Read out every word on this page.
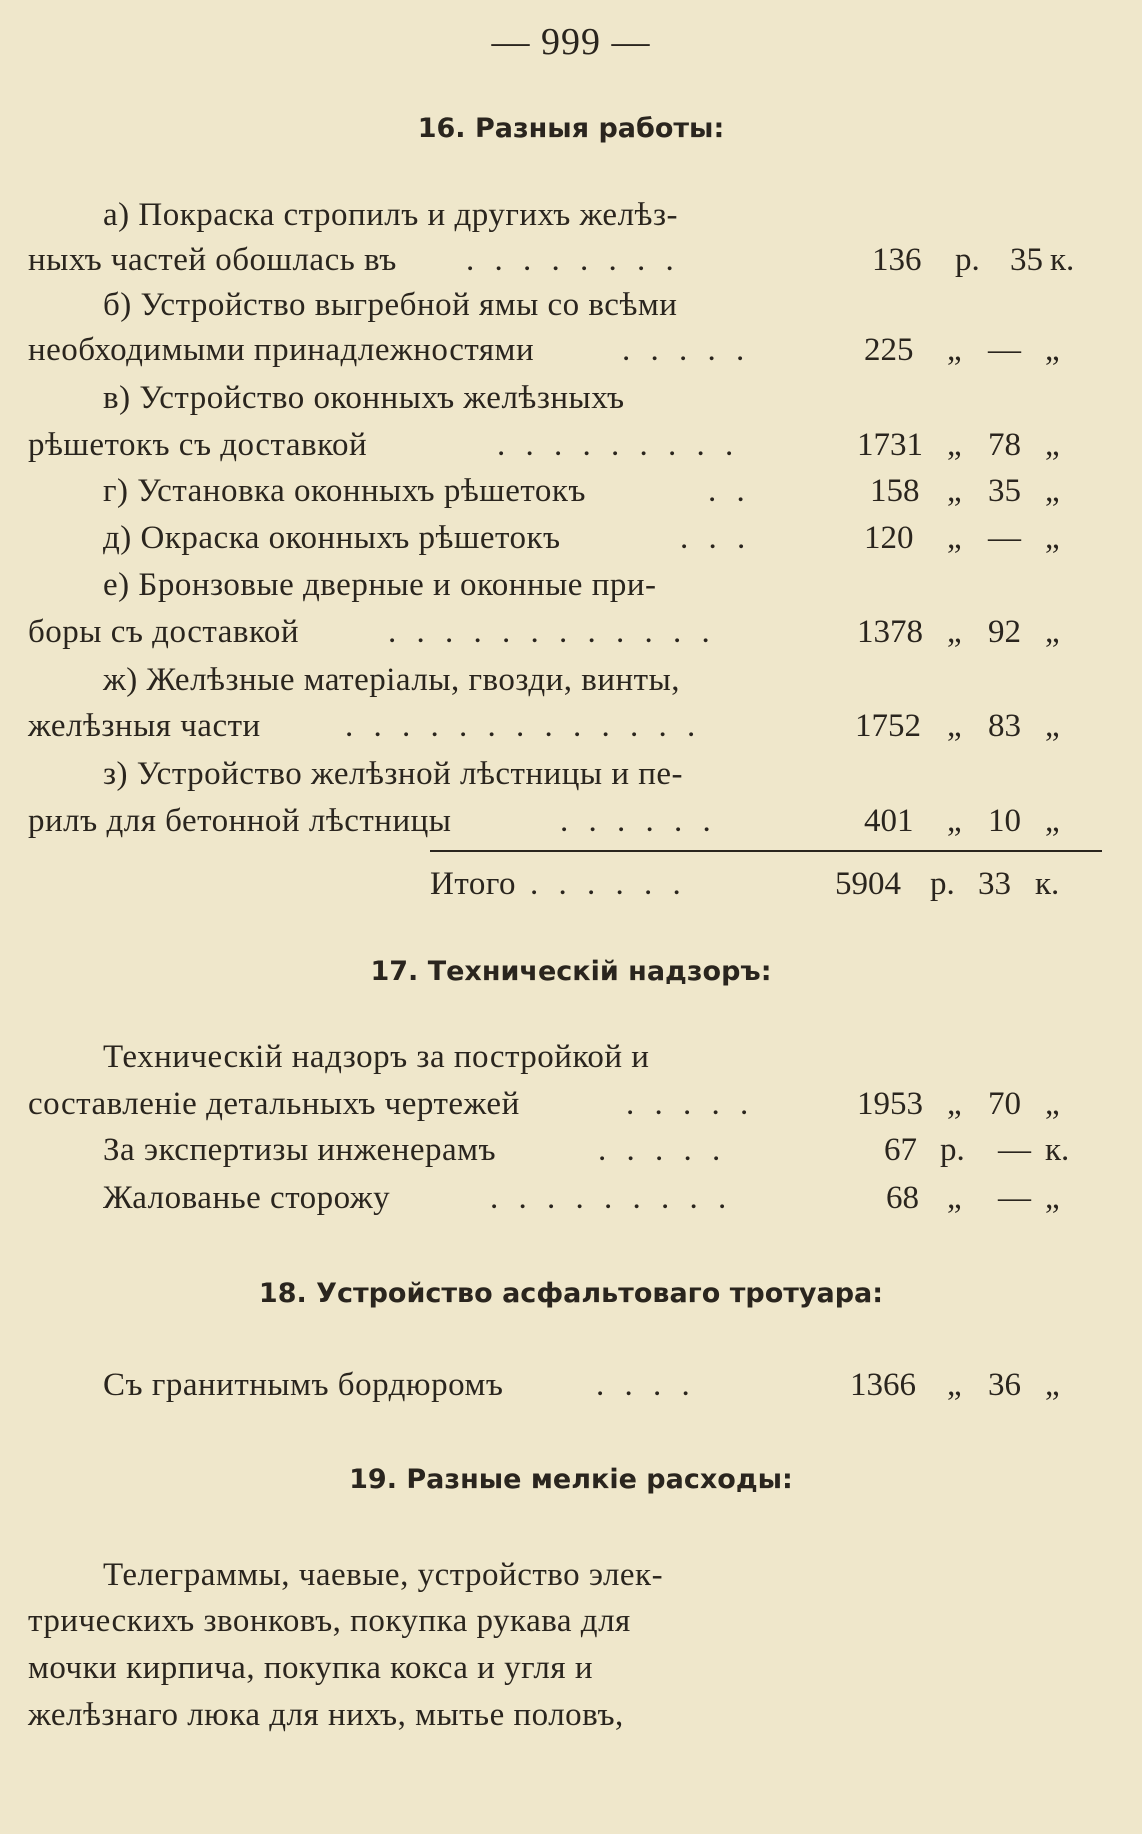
— 999 —
16. Разныя работы:
а) Покраска стропилъ и другихъ желѣз-
ныхъ частей обошлась въ . . . . . . . .	136 р. 35 к.
б) Устройство выгребной ямы со всѣми
необходимыми принадлежностями	. . . . .	225 „ — „
в) Устройство оконныхъ желѣзныхъ
рѣшетокъ съ доставкой	. . . . . . . . .	1731 „ 78 „
г) Установка оконныхъ рѣшетокъ	. .	158 „ 35 „
д) Окраска оконныхъ рѣшетокъ	. . .	120 „ — „
е) Бронзовые дверные и оконные при-
боры съ доставкой	. . . . . . . . . . . .	1378 „ 92 „
ж) Желѣзные матеріалы, гвозди, винты,
желѣзныя части	. . . . . . . . . . . . .	1752 „ 83 „
з) Устройство желѣзной лѣстницы и пе-
рилъ для бетонной лѣстницы	. . . . . .	401 „ 10 „
Итого . . . . . .	5904 р. 33 к.
17. Техническій надзоръ:
Техническій надзоръ за постройкой и
составленіе детальныхъ чертежей	. . . . .	1953 „ 70 „
За экспертизы инженерамъ	. . . . .	67 р. — к.
Жалованье сторожу	. . . . . . . . .	68 „ — „
18. Устройство асфальтоваго тротуара:
Съ гранитнымъ бордюромъ	. . . .	1366 „ 36 „
19. Разные мелкіе расходы:
Телеграммы, чаевые, устройство элек-
трическихъ звонковъ, покупка рукава для
мочки кирпича, покупка кокса и угля и
желѣзнаго люка для нихъ, мытье половъ,
